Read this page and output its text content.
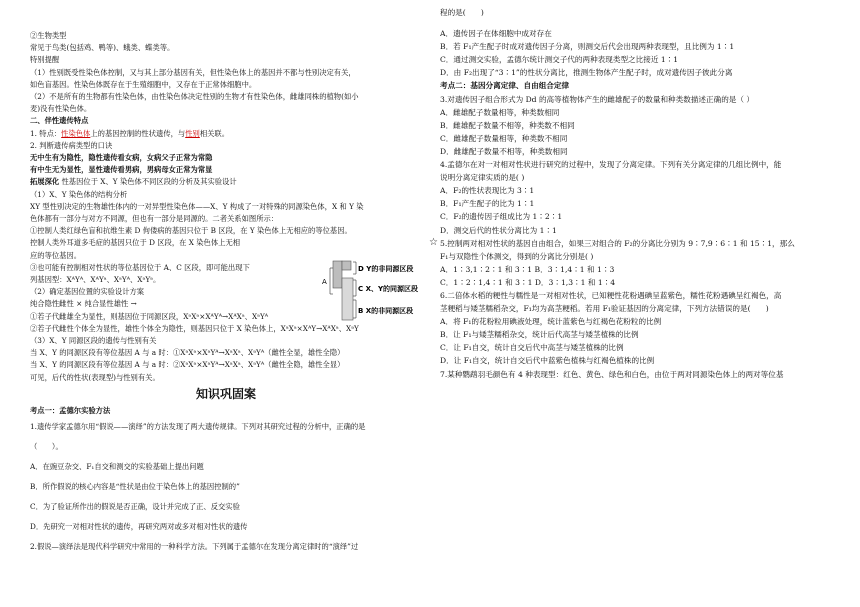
②生物类型
常见于鸟类(包括鸡、鸭等)、蛾类、蝶类等。
特别提醒
（1）性别既受性染色体控制，又与其上部分基因有关，但性染色体上的基因并不都与性别决定有关，
如色盲基因。性染色体既存在于生殖细胞中，又存在于正常体细胞中。
（2）不是所有的生物都有性染色体，由性染色体决定性别的生物才有性染色体，雌雄同株的植物(如小
麦)没有性染色体。
二、伴性遗传特点
1. 特点：性染色体上的基因控制的性状遗传，与性别相关联。
2. 判断遗传病类型的口诀
无中生有为隐性，隐性遗传看女病，女病父子正常为常隐
有中生无为显性，显性遗传看男病，男病母女正常为常显
拓展深化 性基因位于 X、Y 染色体不同区段的分析及其实验设计
（1）X、Y 染色体的结构分析
XY 型性别决定的生物雄性体内的一对异型性染色体——X、Y 构成了一对特殊的同源染色体，X 和 Y 染
色体都有一部分与对方不同源，但也有一部分是同源的。二者关系如图所示：
①控制人类红绿色盲和抗维生素 D 佝偻病的基因只位于 B 区段，在 Y 染色体上无相应的等位基因。
控制人类外耳道多毛症的基因只位于 D 区段，在 X 染色体上无相
应的等位基因。
③也可能有控制相对性状的等位基因位于 A、C 区段，即可能出现下
列基因型：XᴬYᴬ、XᴬYᵃ、XᵃYᴬ、XᵃYᵃ。
（2）确定基因位置的实验设计方案
纯合隐性雌性 × 纯合显性雄性 →
①若子代雌雄全为显性，则基因位于同源区段，XᵃXᵃ×XᴬYᴬ→XᴬXᵃ、XᵃYᴬ
②若子代雌性个体全为显性，雄性个体全为隐性，则基因只位于 X 染色体上，XᵃXᵃ×XᴬY→XᴬXᵃ、XᵃY
（3）X、Y 同源区段的遗传与性别有关
当 X、Y 的同源区段有等位基因 A 与 a 时：①XᵃXᵃ×XᵃYᴬ→XᵃXᵃ、XᵃYᴬ（雌性全显，雄性全隐）
当 X、Y 的同源区段有等位基因 A 与 a 时：②XᵃXᵃ×XᵃYᴬ→XᵃXᵃ、XᵃYᴬ（雌性全隐，雄性全显）
可见，后代的性状(表现型)与性别有关。
知识巩固案
考点一：孟德尔实验方法
1.遗传学家孟德尔用“假说——演绎”的方法发现了两大遗传规律。下列对其研究过程的分析中，正确的是
（　　）。
A．在豌豆杂交、F₁自交和测交的实验基础上提出问题
B．所作假说的核心内容是“性状是由位于染色体上的基因控制的”
C．为了验证所作出的假说是否正确，设计并完成了正、反交实验
D．先研究一对相对性状的遗传，再研究两对或多对相对性状的遗传
2.假说—演绎法是现代科学研究中常用的一种科学方法。下列属于孟德尔在发现分离定律时的“演绎”过
D Y的非同源区段
C X、Y的同源区段
B X的非同源区段
A
程的是(　　)
A．遗传因子在体细胞中成对存在
B．若 F₁产生配子时成对遗传因子分离，则测交后代会出现两种表现型，且比例为 1∶1
C．通过测交实验，孟德尔统计测交子代的两种表现类型之比接近 1∶1
D．由 F₂出现了“3∶1”的性状分离比，推测生物体产生配子时，成对遗传因子彼此分离
考点二：基因分离定律、自由组合定律
3.对遗传因子组合形式为 Dd 的高等植物体产生的雌雄配子的数量和种类数描述正确的是（ ）
A．雌雄配子数量相等，种类数相同
B．雌雄配子数量不相等，种类数不相同
C．雌雄配子数量相等，种类数不相同
D．雌雄配子数量不相等，种类数相同
4.孟德尔在对一对相对性状进行研究的过程中，发现了分离定律。下列有关分离定律的几组比例中，能
说明分离定律实质的是( )
A．F₂的性状表现比为 3∶1
B．F₁产生配子的比为 1∶1
C．F₂的遗传因子组成比为 1∶2∶1
D．测交后代的性状分离比为 1∶1
☆ 5.控制两对相对性状的基因自由组合，如果三对组合的 F₂的分离比分别为 9∶7,9∶6∶1 和 15∶1，那么
F₁与双隐性个体测交，得到的分离比分别是( )
A．1∶3,1∶2∶1 和 3∶1 B．3∶1,4∶1 和 1∶3
C．1∶2∶1,4∶1 和 3∶1 D．3∶1,3∶1 和 1∶4
6.二倍体水稻的粳性与糯性是一对相对性状，已知粳性花粉遇碘呈蓝紫色，糯性花粉遇碘呈红褐色，高
茎粳稻与矮茎糯稻杂交，F₁均为高茎粳稻。若用 F₁验证基因的分离定律，下列方法错误的是(　　)
A．将 F₁的花粉粒用碘液处理，统计蓝紫色与红褐色花粉粒的比例
B．让 F₁与矮茎糯稻杂交，统计后代高茎与矮茎植株的比例
C．让 F₁自交，统计自交后代中高茎与矮茎植株的比例
D．让 F₁自交，统计自交后代中蓝紫色植株与红褐色植株的比例
7.某种鹦鹉羽毛颜色有 4 种表现型：红色、黄色、绿色和白色，由位于两对同源染色体上的两对等位基
